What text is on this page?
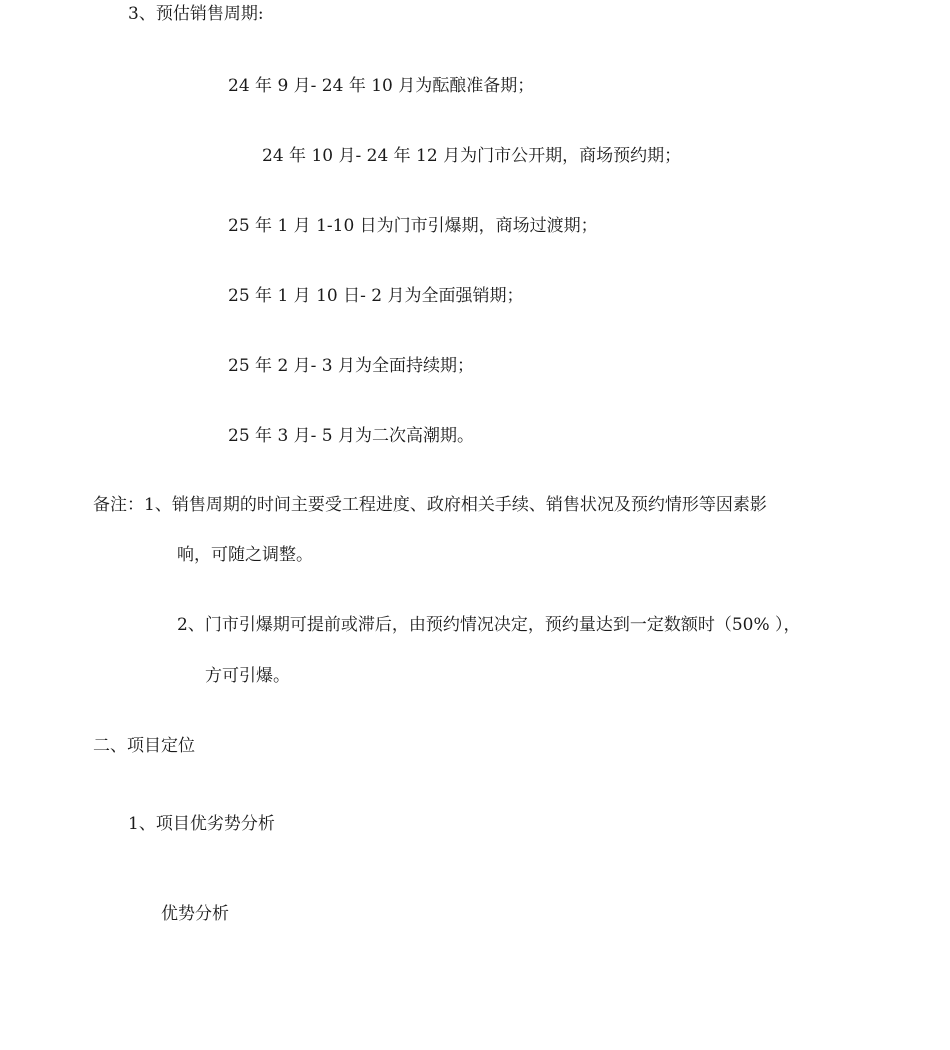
3、预估销售周期:
24 年 9 月- 24 年 10 月为酝酿准备期；
24 年 10 月- 24 年 12 月为门市公开期，商场预约期；
25 年 1 月 1-10 日为门市引爆期，商场过渡期；
25 年 1 月 10 日- 2 月为全面强销期；
25 年 2 月- 3 月为全面持续期；
25 年 3 月- 5 月为二次高潮期。
备注：1、销售周期的时间主要受工程进度、政府相关手续、销售状况及预约情形等因素影
响，可随之调整。
2、门市引爆期可提前或滞后，由预约情况决定，预约量达到一定数额时（50% ），
方可引爆。
二、项目定位
1、项目优劣势分析
优势分析
